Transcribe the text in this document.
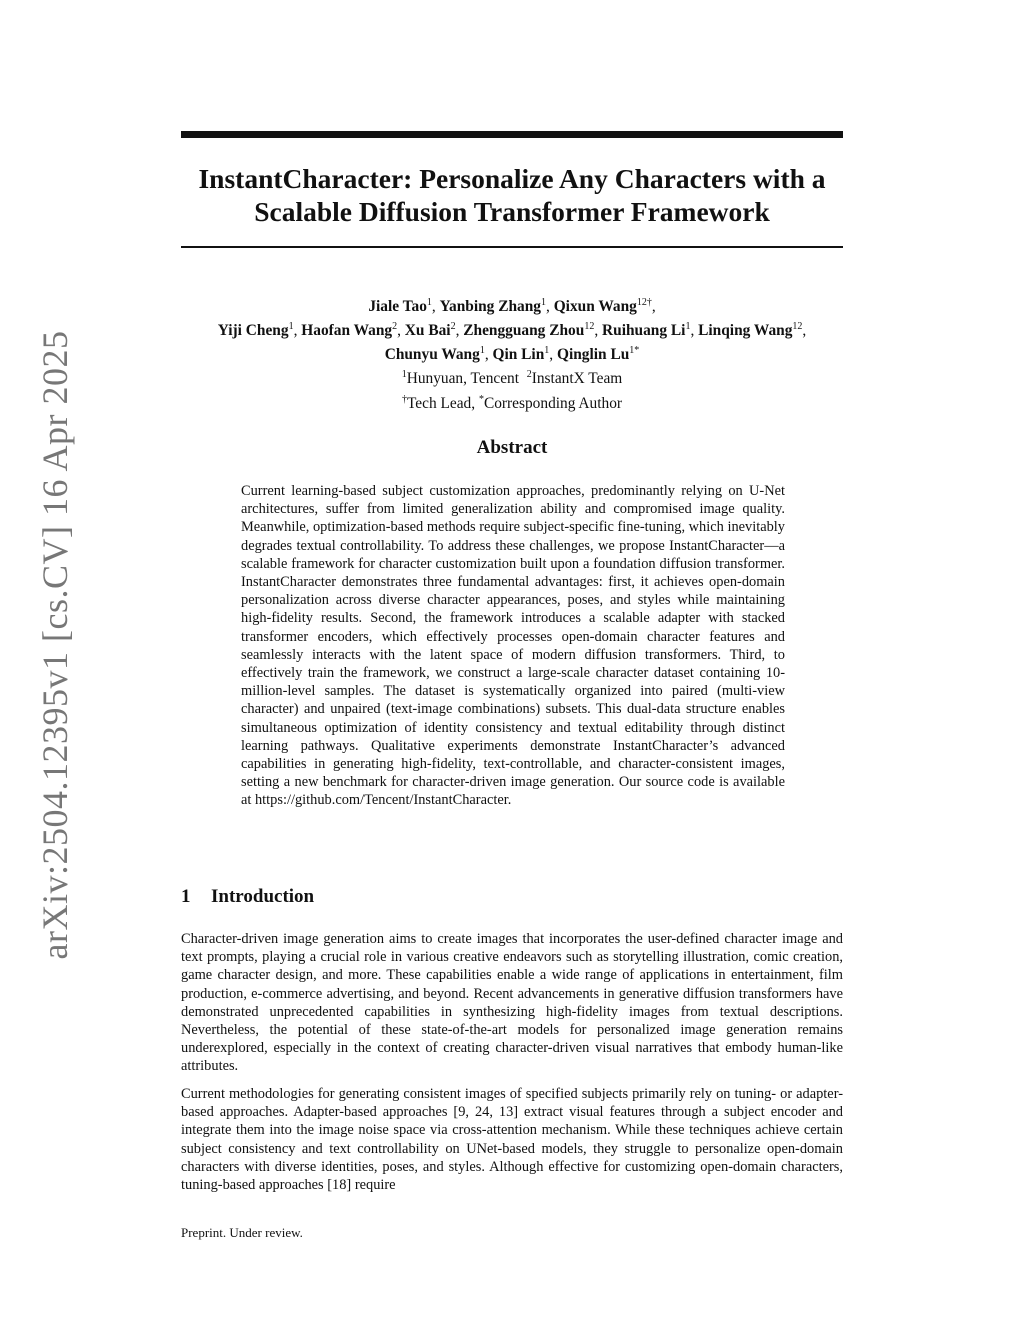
arXiv:2504.12395v1 [cs.CV] 16 Apr 2025
InstantCharacter: Personalize Any Characters with a
Scalable Diffusion Transformer Framework
Jiale Tao$^1$, Yanbing Zhang$^1$, Qixun Wang$^{12\dagger}$,
Yiji Cheng$^1$, Haofan Wang$^2$, Xu Bai$^2$, Zhengguang Zhou$^{12}$, Ruihuang Li$^1$, Linqing Wang$^{12}$,
Chunyu Wang$^1$, Qin Lin$^1$, Qinglin $Lu^{1*}$
$^1$Hunyuan, Tencent $^2$InstantX Team
†Tech Lead, *Corresponding Author
Abstract
Current learning-based subject customization approaches, predominantly relying on U-Net architectures, suffer from limited generalization ability and compromised image quality. Meanwhile, optimization-based methods require subject-specific fine-tuning, which inevitably degrades textual controllability. To address these challenges, we propose InstantCharacter—a scalable framework for character customization built upon a foundation diffusion transformer. InstantCharacter demonstrates three fundamental advantages: first, it achieves open-domain personalization across diverse character appearances, poses, and styles while maintaining high-fidelity results. Second, the framework introduces a scalable adapter with stacked transformer encoders, which effectively processes open-domain character features and seamlessly interacts with the latent space of modern diffusion transformers. Third, to effectively train the framework, we construct a large-scale character dataset containing 10-million-level samples. The dataset is systematically organized into paired (multi-view character) and unpaired (text-image combinations) subsets. This dual-data structure enables simultaneous optimization of identity consistency and textual editability through distinct learning pathways. Qualitative experiments demonstrate InstantCharacter’s advanced capabilities in generating high-fidelity, text-controllable, and character-consistent images, setting a new benchmark for character-driven image generation. Our source code is available at https://github.com/Tencent/InstantCharacter.
1 Introduction

Character-driven image generation aims to create images that incorporates the user-defined character image and text prompts, playing a crucial role in various creative endeavors such as storytelling illustration, comic creation, game character design, and more. These capabilities enable a wide range of applications in entertainment, film production, e-commerce advertising, and beyond. Recent advancements in generative diffusion transformers have demonstrated unprecedented capabilities in synthesizing high-fidelity images from textual descriptions. Nevertheless, the potential of these state-of-the-art models for personalized image generation remains underexplored, especially in the context of creating character-driven visual narratives that embody human-like attributes.

Current methodologies for generating consistent images of specified subjects primarily rely on tuning- or adapter-based approaches. Adapter-based approaches [9, 24, 13] extract visual features through a subject encoder and integrate them into the image noise space via cross-attention mechanism. While these techniques achieve certain subject consistency and text controllability on UNet-based models, they struggle to personalize open-domain characters with diverse identities, poses, and styles. Although effective for customizing open-domain characters, tuning-based approaches [18] require

Preprint. Under review.
